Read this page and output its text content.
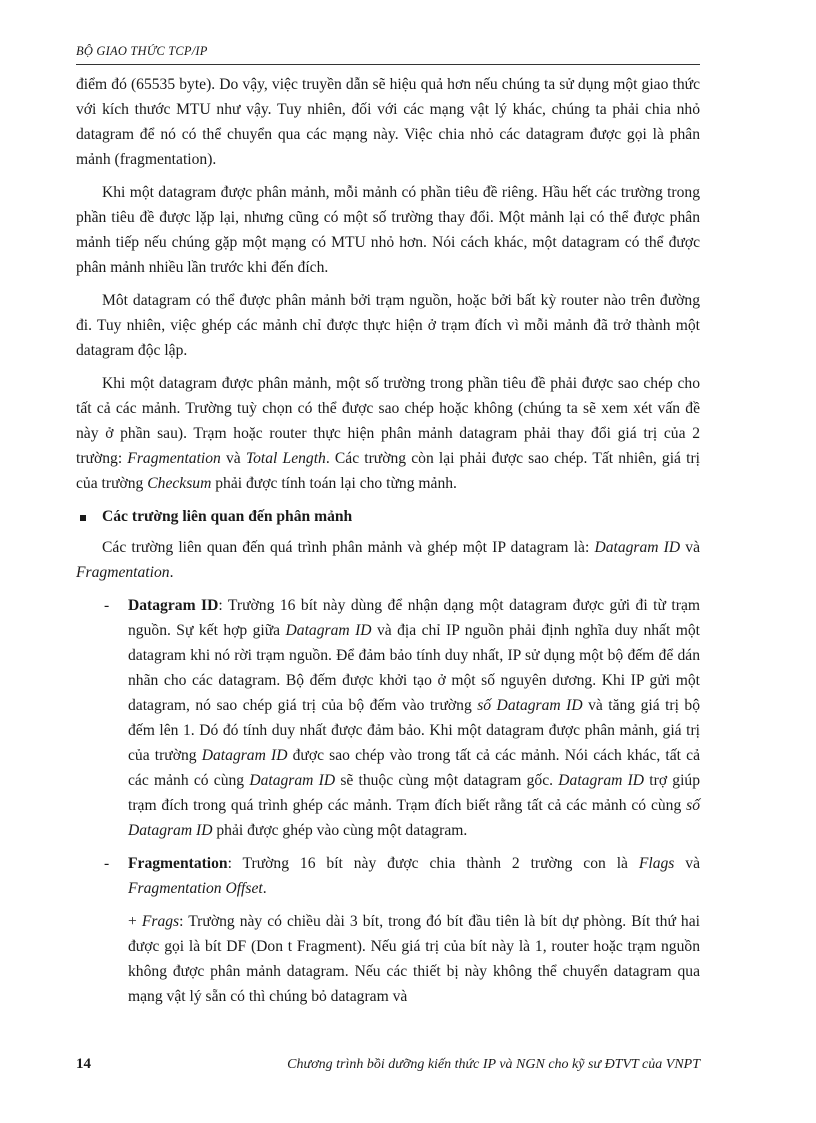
BỘ GIAO THỨC TCP/IP

điểm đó (65535 byte). Do vậy, việc truyền dẫn sẽ hiệu quả hơn nếu chúng ta sử dụng một giao thức với kích thước MTU như vậy. Tuy nhiên, đối với các mạng vật lý khác, chúng ta phải chia nhỏ datagram để nó có thể chuyển qua các mạng này. Việc chia nhỏ các datagram được gọi là phân mảnh (fragmentation).

Khi một datagram được phân mảnh, mỗi mảnh có phần tiêu đề riêng. Hầu hết các trường trong phần tiêu đề được lặp lại, nhưng cũng có một số trường thay đổi. Một mảnh lại có thể được phân mảnh tiếp nếu chúng gặp một mạng có MTU nhỏ hơn. Nói cách khác, một datagram có thể được phân mảnh nhiều lần trước khi đến đích.

Môt datagram có thể được phân mảnh bởi trạm nguồn, hoặc bởi bất kỳ router nào trên đường đi. Tuy nhiên, việc ghép các mảnh chỉ được thực hiện ở trạm đích vì mỗi mảnh đã trở thành một datagram độc lập.

Khi một datagram được phân mảnh, một số trường trong phần tiêu đề phải được sao chép cho tất cả các mảnh. Trường tuỳ chọn có thể được sao chép hoặc không (chúng ta sẽ xem xét vấn đề này ở phần sau). Trạm hoặc router thực hiện phân mảnh datagram phải thay đổi giá trị của 2 trường: Fragmentation và Total Length. Các trường còn lại phải được sao chép. Tất nhiên, giá trị của trường Checksum phải được tính toán lại cho từng mảnh.

Các trường liên quan đến phân mảnh

Các trường liên quan đến quá trình phân mảnh và ghép một IP datagram là: Datagram ID và Fragmentation.

- Datagram ID: Trường 16 bít này dùng để nhận dạng một datagram được gửi đi từ trạm nguồn. Sự kết hợp giữa Datagram ID và địa chỉ IP nguồn phải định nghĩa duy nhất một datagram khi nó rời trạm nguồn. Để đảm bảo tính duy nhất, IP sử dụng một bộ đếm để dán nhãn cho các datagram. Bộ đếm được khởi tạo ở một số nguyên dương. Khi IP gửi một datagram, nó sao chép giá trị của bộ đếm vào trường số Datagram ID và tăng giá trị bộ đếm lên 1. Dó đó tính duy nhất được đảm bảo. Khi một datagram được phân mảnh, giá trị của trường Datagram ID được sao chép vào trong tất cả các mảnh. Nói cách khác, tất cả các mảnh có cùng Datagram ID sẽ thuộc cùng một datagram gốc. Datagram ID trợ giúp trạm đích trong quá trình ghép các mảnh. Trạm đích biết rằng tất cả các mảnh có cùng số Datagram ID phải được ghép vào cùng một datagram.
- Fragmentation: Trường 16 bít này được chia thành 2 trường con là Flags và Fragmentation Offset.

+ Frags: Trường này có chiều dài 3 bít, trong đó bít đầu tiên là bít dự phòng. Bít thứ hai được gọi là bít DF (Don t Fragment). Nếu giá trị của bít này là 1, router hoặc trạm nguồn không được phân mảnh datagram. Nếu các thiết bị này không thể chuyển datagram qua mạng vật lý sẵn có thì chúng bỏ datagram và

14	Chương trình bồi dưỡng kiến thức IP và NGN cho kỹ sư ĐTVT của VNPT
